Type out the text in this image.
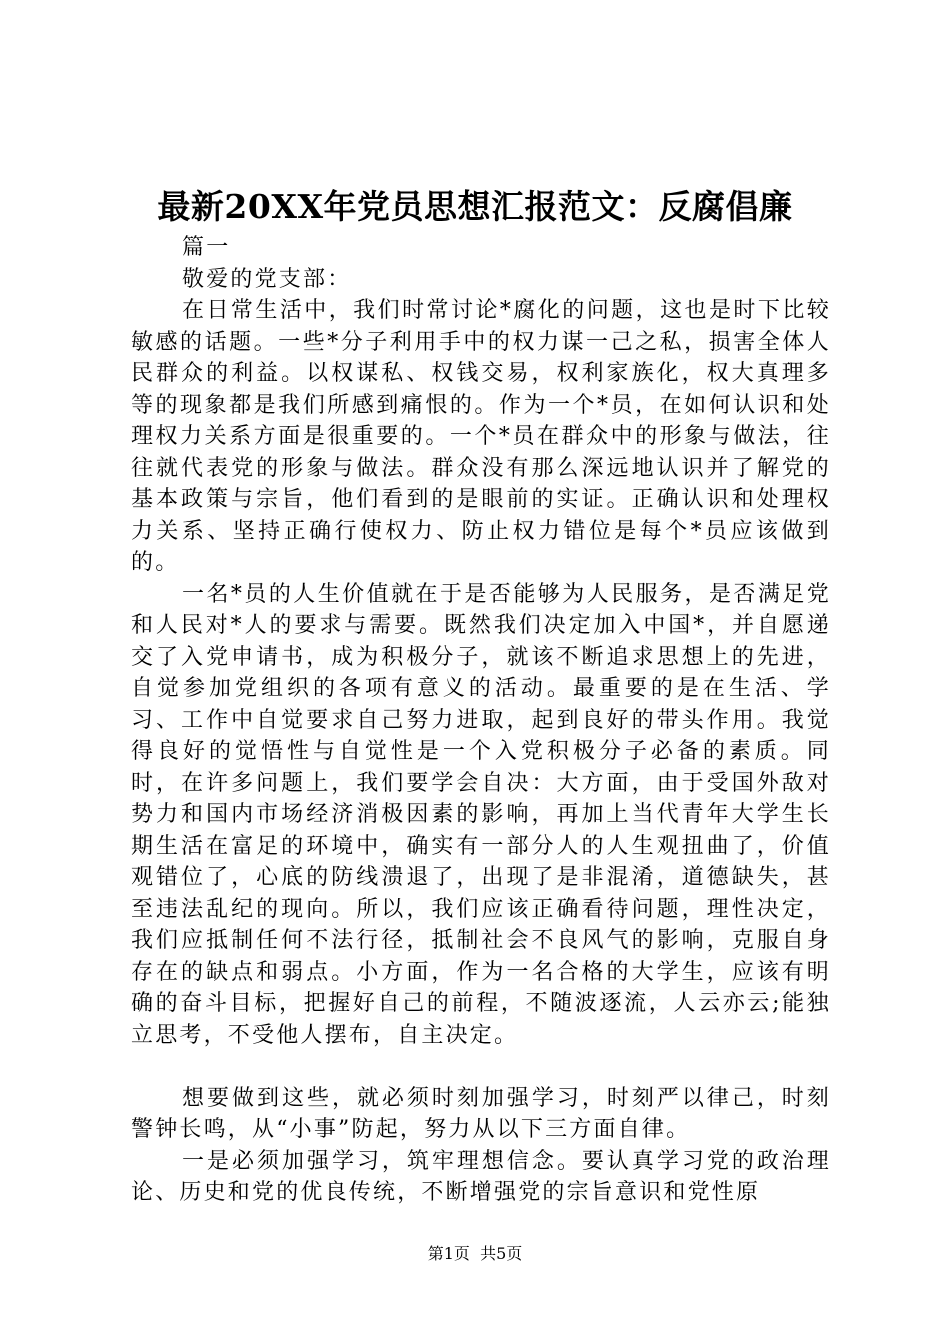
最新20XX年党员思想汇报范文：反腐倡廉

篇一

敬爱的党支部：

在日常生活中，我们时常讨论*腐化的问题，这也是时下比较敏感的话题。一些*分子利用手中的权力谋一己之私，损害全体人民群众的利益。以权谋私、权钱交易，权利家族化，权大真理多等的现象都是我们所感到痛恨的。作为一个*员，在如何认识和处理权力关系方面是很重要的。一个*员在群众中的形象与做法，往往就代表党的形象与做法。群众没有那么深远地认识并了解党的基本政策与宗旨，他们看到的是眼前的实证。正确认识和处理权力关系、坚持正确行使权力、防止权力错位是每个*员应该做到的。

一名*员的人生价值就在于是否能够为人民服务，是否满足党和人民对*人的要求与需要。既然我们决定加入中国*，并自愿递交了入党申请书，成为积极分子，就该不断追求思想上的先进，自觉参加党组织的各项有意义的活动。最重要的是在生活、学习、工作中自觉要求自己努力进取，起到良好的带头作用。我觉得良好的觉悟性与自觉性是一个入党积极分子必备的素质。同时，在许多问题上，我们要学会自决：大方面，由于受国外敌对势力和国内市场经济消极因素的影响，再加上当代青年大学生长期生活在富足的环境中，确实有一部分人的人生观扭曲了，价值观错位了，心底的防线溃退了，出现了是非混淆，道德缺失，甚至违法乱纪的现向。所以，我们应该正确看待问题，理性决定，我们应抵制任何不法行径，抵制社会不良风气的影响，克服自身存在的缺点和弱点。小方面，作为一名合格的大学生，应该有明确的奋斗目标，把握好自己的前程，不随波逐流，人云亦云;能独立思考，不受他人摆布，自主决定。

想要做到这些，就必须时刻加强学习，时刻严以律己，时刻警钟长鸣，从“小事”防起，努力从以下三方面自律。

一是必须加强学习，筑牢理想信念。要认真学习党的政治理论、历史和党的优良传统，不断增强党的宗旨意识和党性原

第1页  共5页
